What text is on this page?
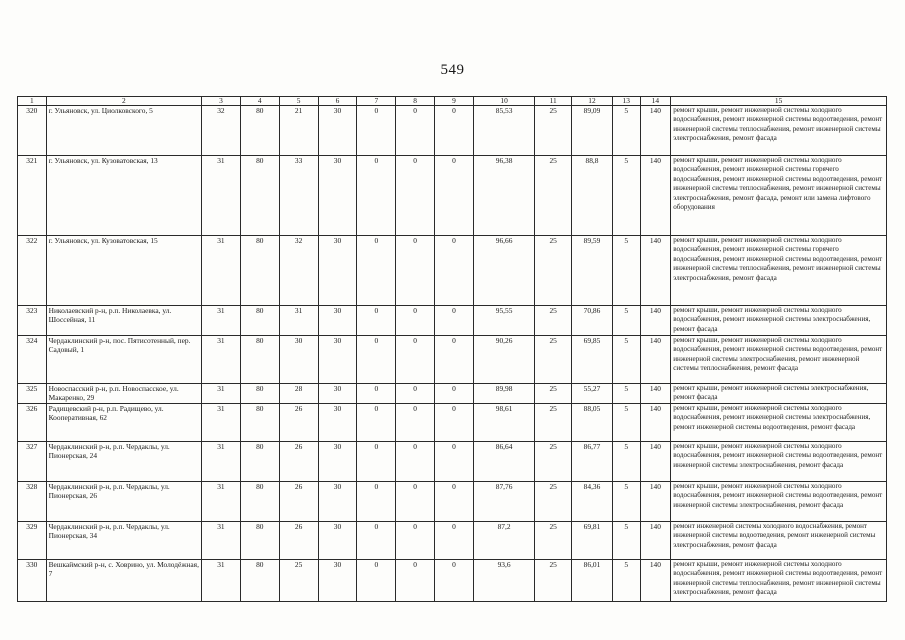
549
1	2	3	4	5	6	7	8	9	10	11	12	13	14	15
320	г. Ульяновск, ул. Циолковского, 5	32	80	21	30	0	0	0	85,53	25	89,09	5	140	ремонт крыши, ремонт инженерной системы холодного водоснабжения, ремонт инженерной системы водоотведения, ремонт инженерной системы теплоснабжения, ремонт инженерной системы электроснабжения, ремонт фасада
321	г. Ульяновск, ул. Кузоватовская, 13	31	80	33	30	0	0	0	96,38	25	88,8	5	140	ремонт крыши, ремонт инженерной системы холодного водоснабжения, ремонт инженерной системы горячего водоснабжения, ремонт инженерной системы водоотведения, ремонт инженерной системы теплоснабжения, ремонт инженерной системы электроснабжения, ремонт фасада, ремонт или замена лифтового оборудования
322	г. Ульяновск, ул. Кузоватовская, 15	31	80	32	30	0	0	0	96,66	25	89,59	5	140	ремонт крыши, ремонт инженерной системы холодного водоснабжения, ремонт инженерной системы горячего водоснабжения, ремонт инженерной системы водоотведения, ремонт инженерной системы теплоснабжения, ремонт инженерной системы электроснабжения, ремонт фасада
323	Николаевский р-н, р.п. Николаевка, ул. Шоссейная, 11	31	80	31	30	0	0	0	95,55	25	70,86	5	140	ремонт крыши, ремонт инженерной системы холодного водоснабжения, ремонт инженерной системы электроснабжения, ремонт фасада
324	Чердаклинский р-н, пос. Пятисотенный, пер. Садовый, 1	31	80	30	30	0	0	0	90,26	25	69,85	5	140	ремонт крыши, ремонт инженерной системы холодного водоснабжения, ремонт инженерной системы водоотведения, ремонт инженерной системы электроснабжения, ремонт инженерной системы теплоснабжения, ремонт фасада
325	Новоспасский р-н, р.п. Новоспасское, ул. Макаренко, 29	31	80	28	30	0	0	0	89,98	25	55,27	5	140	ремонт крыши, ремонт инженерной системы электроснабжения, ремонт фасада
326	Радищевский р-н, р.п. Радищево, ул. Кооперативная, 62	31	80	26	30	0	0	0	98,61	25	88,05	5	140	ремонт крыши, ремонт инженерной системы холодного водоснабжения, ремонт инженерной системы электроснабжения, ремонт инженерной системы водоотведения, ремонт фасада
327	Чердаклинский р-н, р.п. Чердаклы, ул. Пионерская, 24	31	80	26	30	0	0	0	86,64	25	86,77	5	140	ремонт крыши, ремонт инженерной системы холодного водоснабжения, ремонт инженерной системы водоотведения, ремонт инженерной системы электроснабжения, ремонт фасада
328	Чердаклинский р-н, р.п. Чердаклы, ул. Пионерская, 26	31	80	26	30	0	0	0	87,76	25	84,36	5	140	ремонт крыши, ремонт инженерной системы холодного водоснабжения, ремонт инженерной системы водоотведения, ремонт инженерной системы электроснабжения, ремонт фасада
329	Чердаклинский р-н, р.п. Чердаклы, ул. Пионерская, 34	31	80	26	30	0	0	0	87,2	25	69,81	5	140	ремонт инженерной системы холодного водоснабжения, ремонт инженерной системы водоотведения, ремонт инженерной системы электроснабжения, ремонт фасада
330	Вешкаймский р-н, с. Ховрино, ул. Молодёжная, 7	31	80	25	30	0	0	0	93,6	25	86,01	5	140	ремонт крыши, ремонт инженерной системы холодного водоснабжения, ремонт инженерной системы водоотведения, ремонт инженерной системы теплоснабжения, ремонт инженерной системы электроснабжения, ремонт фасада
